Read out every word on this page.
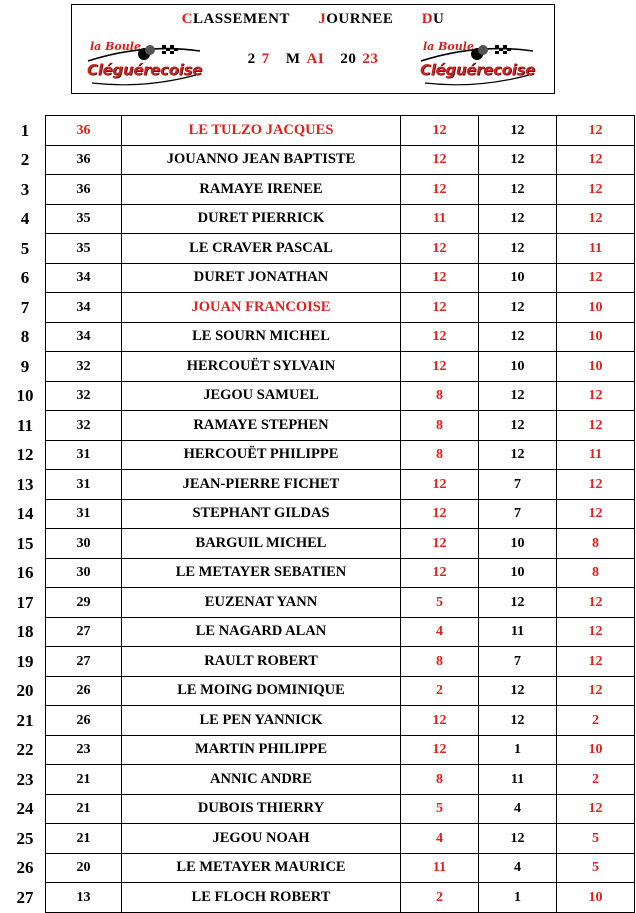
CLASSEMENT JOURNEE DU
2 7 M AI 20 23
la Boule
Cléguérecoise
la Boule
Cléguérecoise
1	36	LE TULZO JACQUES	12	12	12
2	36	JOUANNO JEAN BAPTISTE	12	12	12
3	36	RAMAYE IRENEE	12	12	12
4	35	DURET PIERRICK	11	12	12
5	35	LE CRAVER PASCAL	12	12	11
6	34	DURET JONATHAN	12	10	12
7	34	JOUAN FRANCOISE	12	12	10
8	34	LE SOURN MICHEL	12	12	10
9	32	HERCOUËT SYLVAIN	12	10	10
10	32	JEGOU SAMUEL	8	12	12
11	32	RAMAYE STEPHEN	8	12	12
12	31	HERCOUËT PHILIPPE	8	12	11
13	31	JEAN-PIERRE FICHET	12	7	12
14	31	STEPHANT GILDAS	12	7	12
15	30	BARGUIL MICHEL	12	10	8
16	30	LE METAYER SEBATIEN	12	10	8
17	29	EUZENAT YANN	5	12	12
18	27	LE NAGARD ALAN	4	11	12
19	27	RAULT ROBERT	8	7	12
20	26	LE MOING DOMINIQUE	2	12	12
21	26	LE PEN YANNICK	12	12	2
22	23	MARTIN PHILIPPE	12	1	10
23	21	ANNIC ANDRE	8	11	2
24	21	DUBOIS THIERRY	5	4	12
25	21	JEGOU NOAH	4	12	5
26	20	LE METAYER MAURICE	11	4	5
27	13	LE FLOCH ROBERT	2	1	10
